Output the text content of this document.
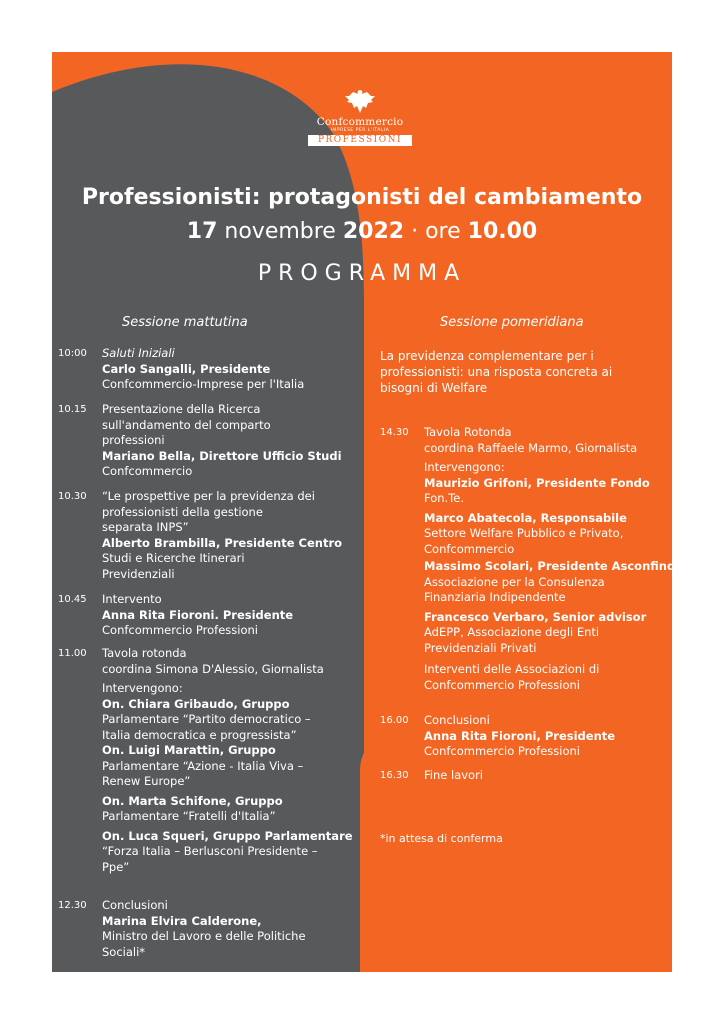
Confcommercio
IMPRESE PER L'ITALIA
PROFESSIONI
Professionisti: protagonisti del cambiamento
17 novembre 2022 · ore 10.00
PROGRAMMA
Sessione mattutina	Sessione pomeridiana
La previdenza complementare per i
professionisti: una risposta concreta ai
bisogni di Welfare
10:00 Saluti Iniziali
Carlo Sangalli, Presidente
Confcommercio-Imprese per l'Italia
10.15 Presentazione della Ricerca
sull'andamento del comparto
professioni
Mariano Bella, Direttore Ufficio Studi
Confcommercio
10.30 “Le prospettive per la previdenza dei
professionisti della gestione
separata INPS”
Alberto Brambilla, Presidente Centro
Studi e Ricerche Itinerari
Previdenziali
10.45 Intervento
Anna Rita Fioroni. Presidente
Confcommercio Professioni
11.00 Tavola rotonda
coordina Simona D'Alessio, Giornalista
Intervengono:
On. Chiara Gribaudo, Gruppo
Parlamentare “Partito democratico –
Italia democratica e progressista”
On. Luigi Marattin, Gruppo
Parlamentare “Azione - Italia Viva –
Renew Europe”
On. Marta Schifone, Gruppo
Parlamentare “Fratelli d'Italia”
On. Luca Squeri, Gruppo Parlamentare
“Forza Italia – Berlusconi Presidente –
Ppe”
12.30 Conclusioni
Marina Elvira Calderone,
Ministro del Lavoro e delle Politiche
Sociali*
14.30 Tavola Rotonda
coordina Raffaele Marmo, Giornalista
Intervengono:
Maurizio Grifoni, Presidente Fondo
Fon.Te.
Marco Abatecola, Responsabile
Settore Welfare Pubblico e Privato,
Confcommercio
Massimo Scolari, Presidente Asconfind,
Associazione per la Consulenza
Finanziaria Indipendente
Francesco Verbaro, Senior advisor
AdEPP, Associazione degli Enti
Previdenziali Privati
Interventi delle Associazioni di
Confcommercio Professioni
16.00 Conclusioni
Anna Rita Fioroni, Presidente
Confcommercio Professioni
16.30 Fine lavori
*in attesa di conferma
